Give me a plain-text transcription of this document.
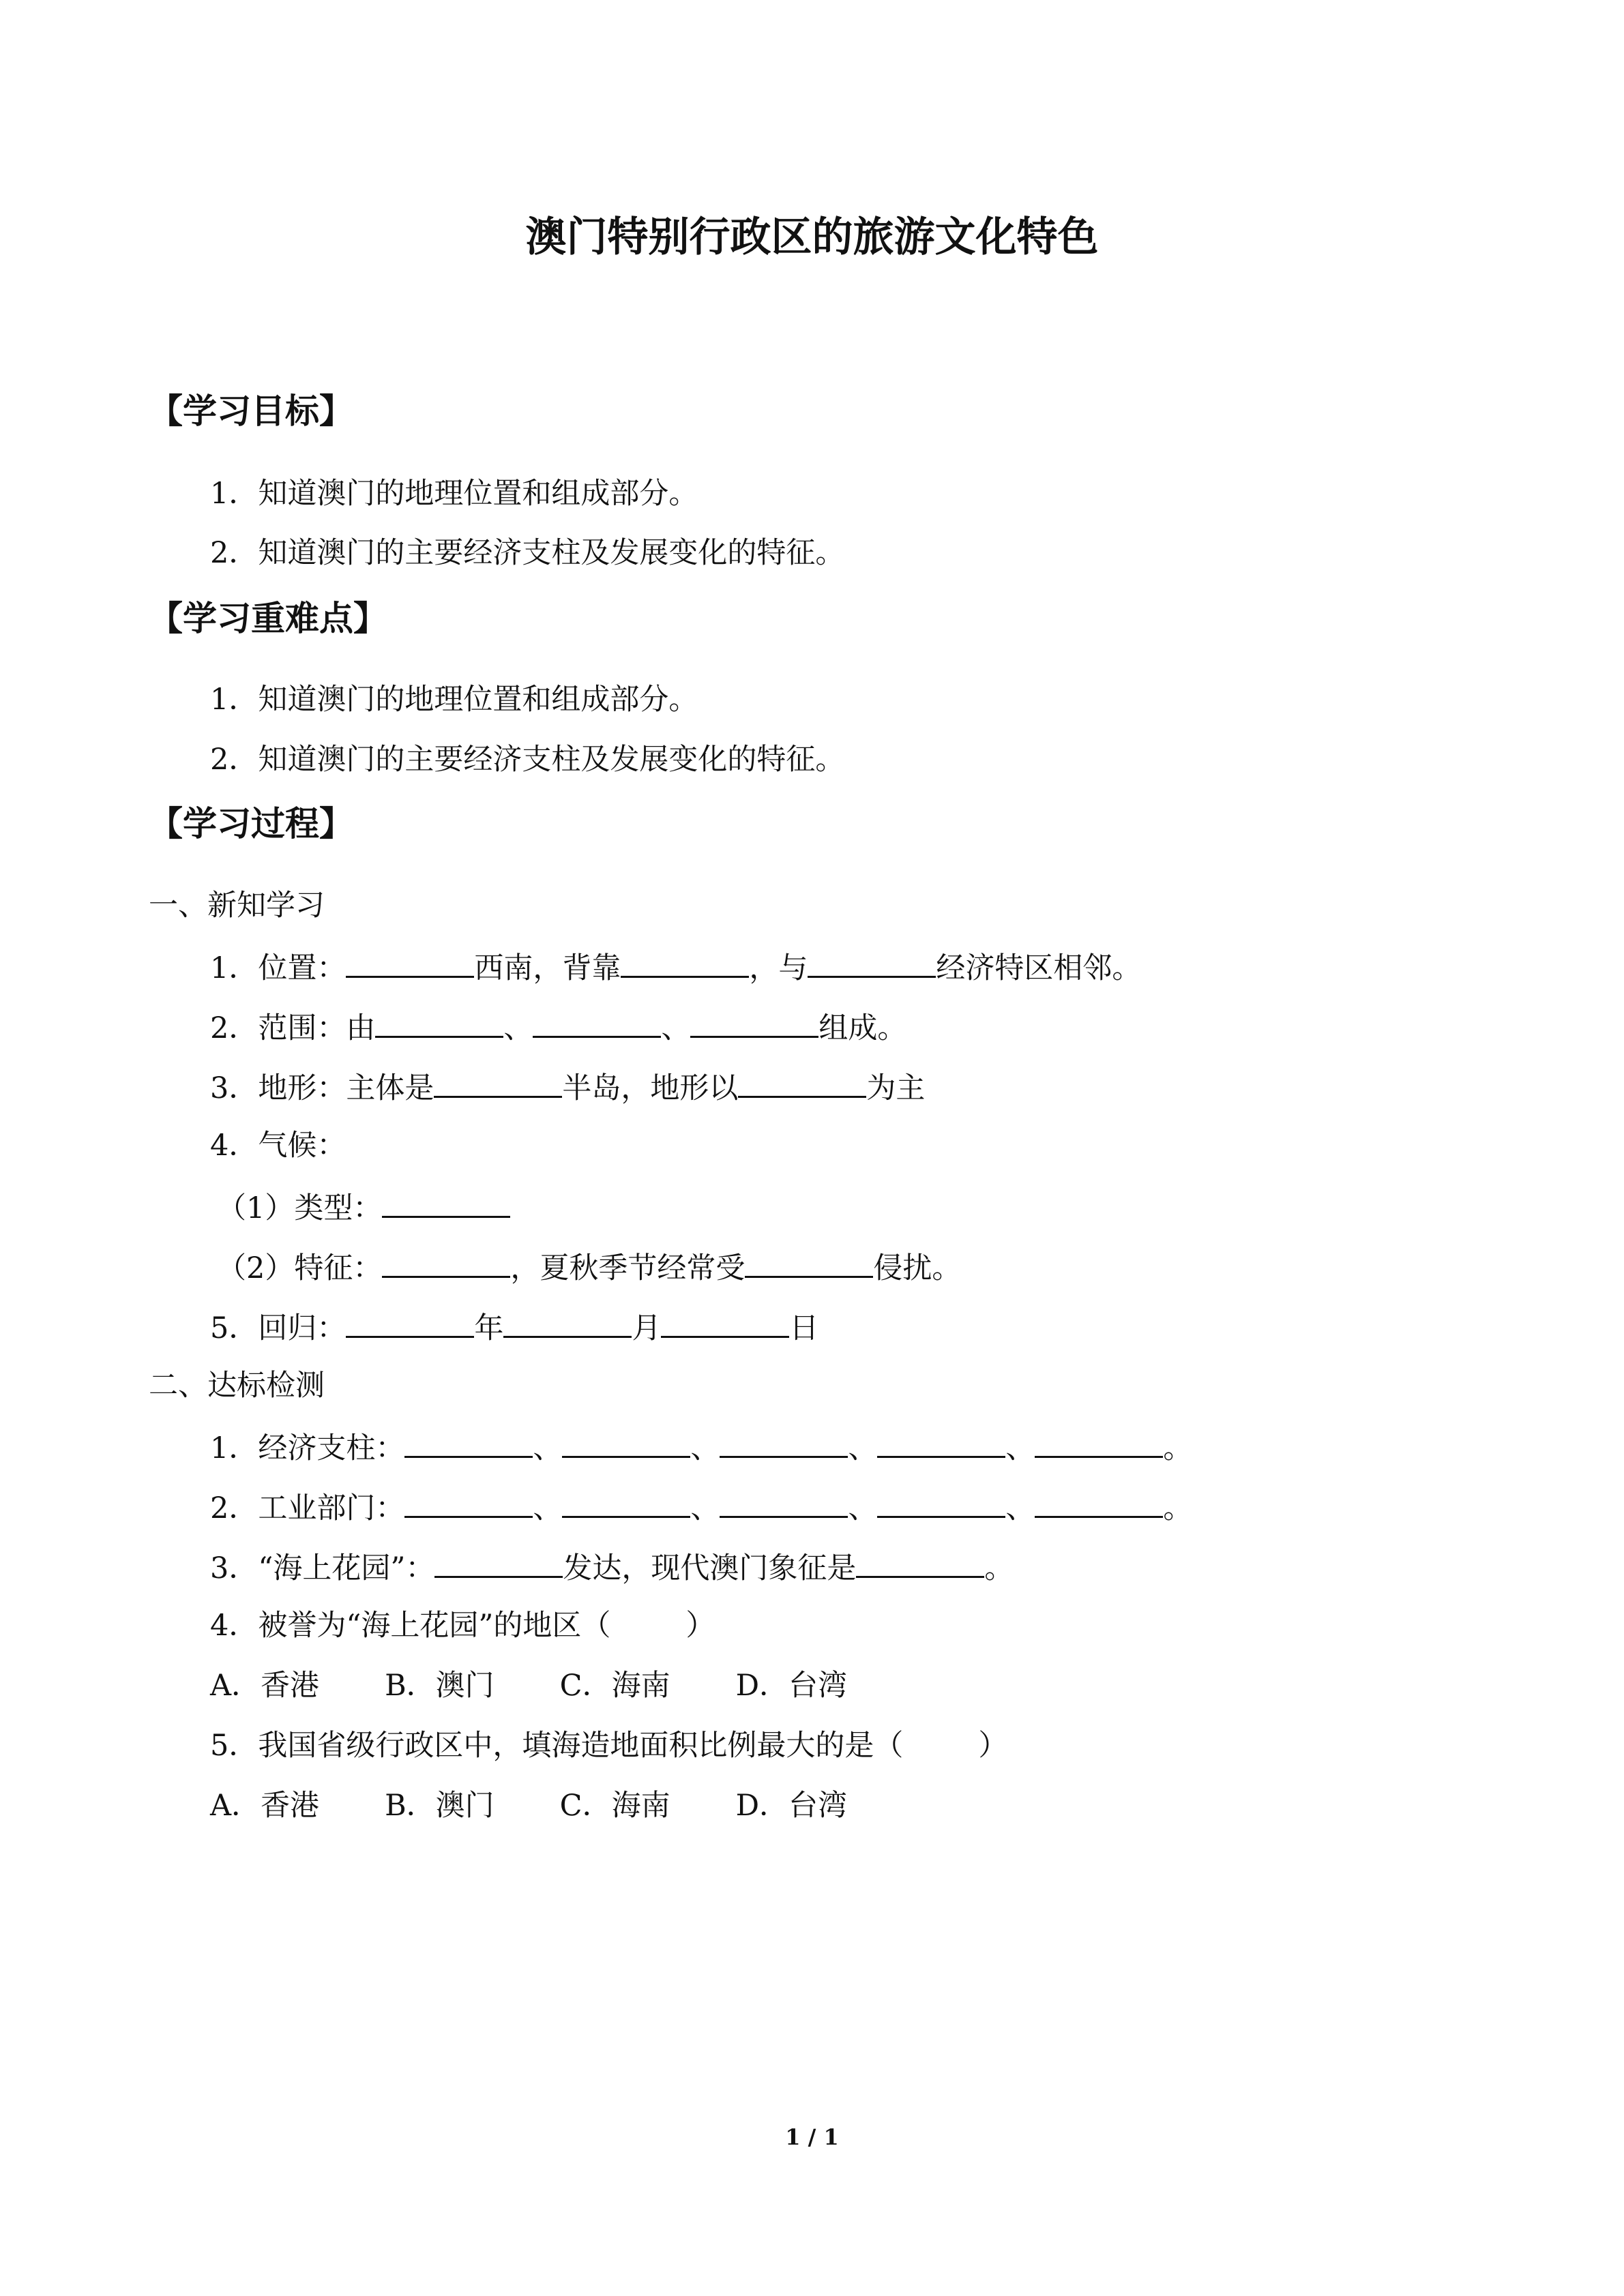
澳门特别行政区的旅游文化特色
【学习目标】
1．知道澳门的地理位置和组成部分。
2．知道澳门的主要经济支柱及发展变化的特征。
【学习重难点】
1．知道澳门的地理位置和组成部分。
2．知道澳门的主要经济支柱及发展变化的特征。
【学习过程】
一、新知学习
1．位置：	西南，背靠	，与	经济特区相邻。
2．范围：由	、	、	组成。
3．地形：主体是	半岛，地形以	为主
4．气候：
（1）类型：
（2）特征：	，夏秋季节经常受	侵扰。
5．回归：	年	月	日
二、达标检测
1．经济支柱：	、	、	、	、	。
2．工业部门：	、	、	、	、	。
3．“海上花园”：	发达，现代澳门象征是	。
4．被誉为“海上花园”的地区（	）
A．香港 B．澳门 C．海南 D．台湾
5．我国省级行政区中，填海造地面积比例最大的是（	）
A．香港 B．澳门 C．海南 D．台湾
1 / 1
